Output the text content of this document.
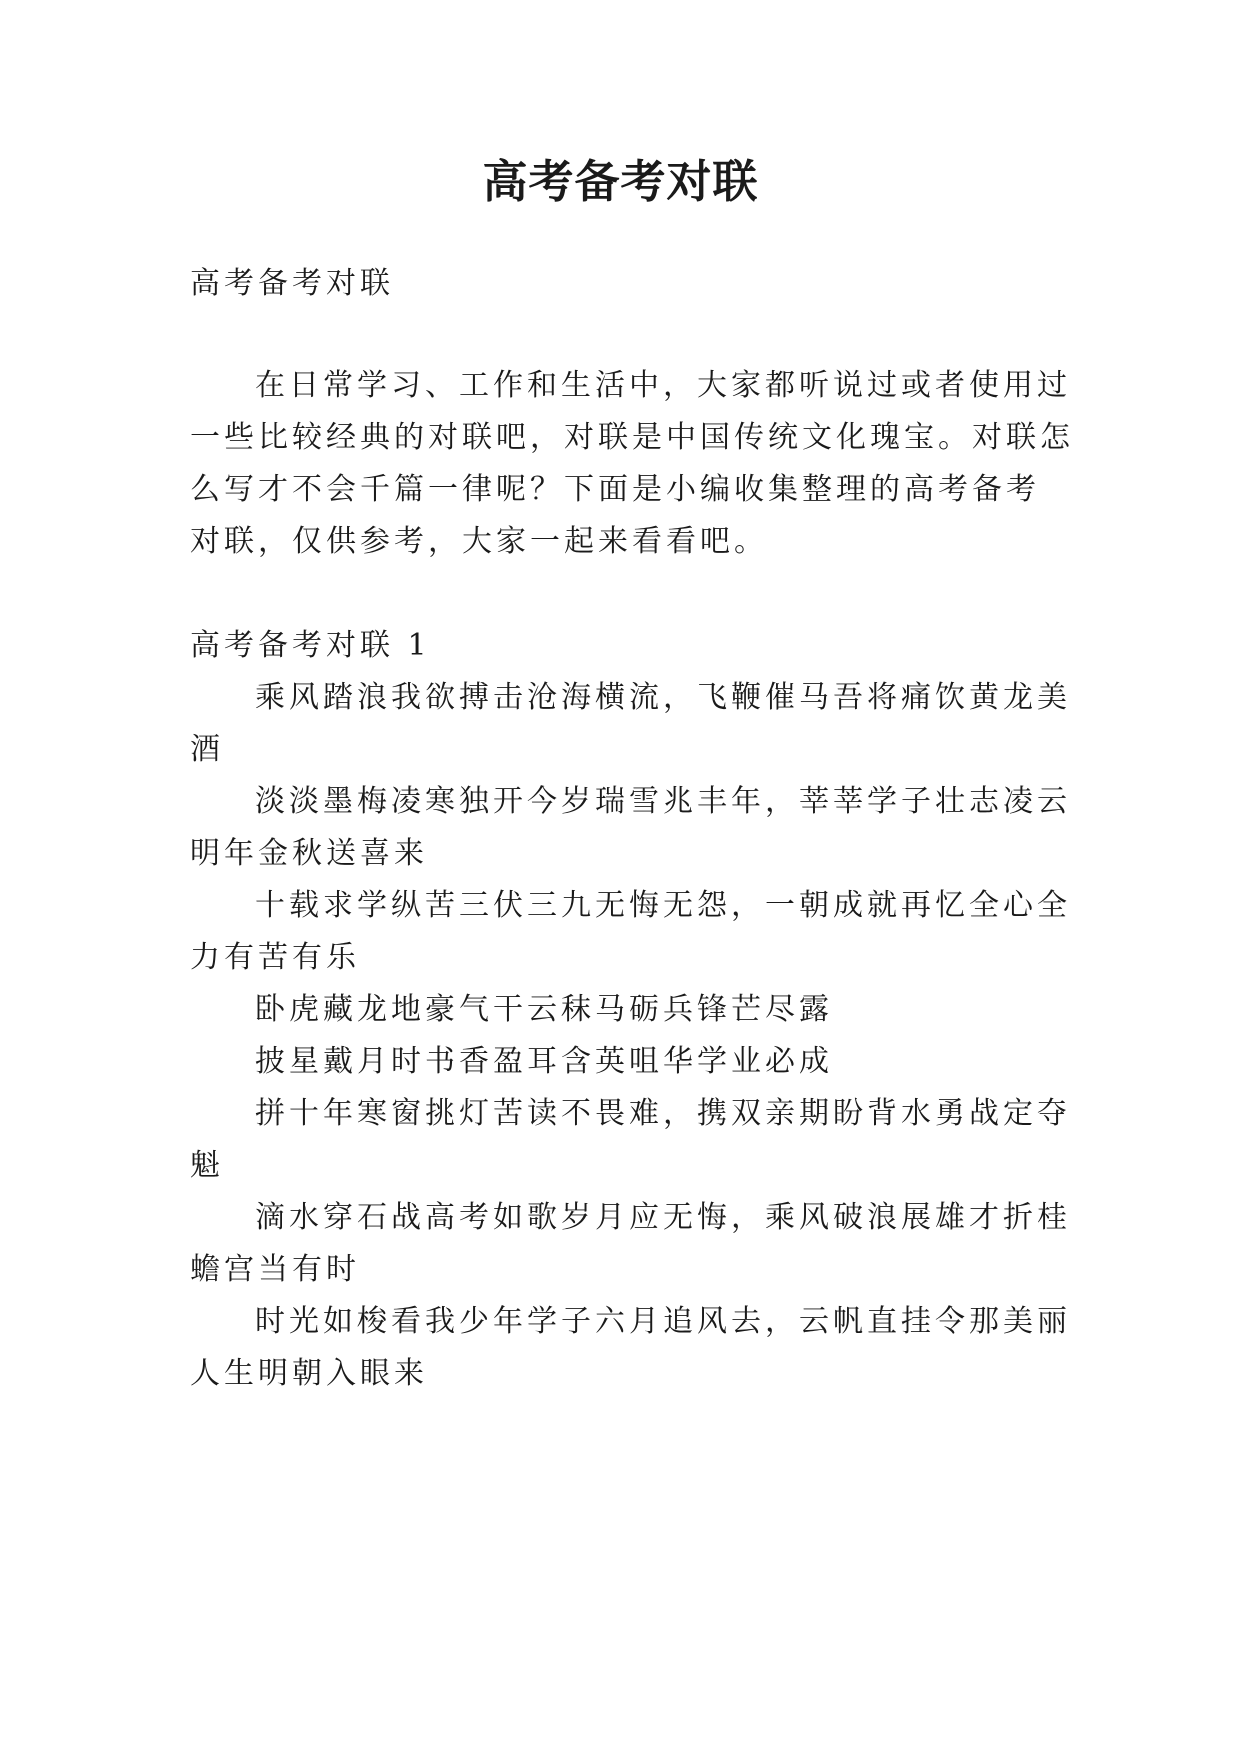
高考备考对联

高考备考对联

在日常学习、工作和生活中，大家都听说过或者使用过

一些比较经典的对联吧，对联是中国传统文化瑰宝。对联怎

么写才不会千篇一律呢？下面是小编收集整理的高考备考

对联，仅供参考，大家一起来看看吧。

高考备考对联 1

乘风踏浪我欲搏击沧海横流，飞鞭催马吾将痛饮黄龙美

酒

淡淡墨梅凌寒独开今岁瑞雪兆丰年，莘莘学子壮志凌云

明年金秋送喜来

十载求学纵苦三伏三九无悔无怨，一朝成就再忆全心全

力有苦有乐

卧虎藏龙地豪气干云秣马砺兵锋芒尽露

披星戴月时书香盈耳含英咀华学业必成

拼十年寒窗挑灯苦读不畏难，携双亲期盼背水勇战定夺

魁

滴水穿石战高考如歌岁月应无悔，乘风破浪展雄才折桂

蟾宫当有时

时光如梭看我少年学子六月追风去，云帆直挂令那美丽

人生明朝入眼来
